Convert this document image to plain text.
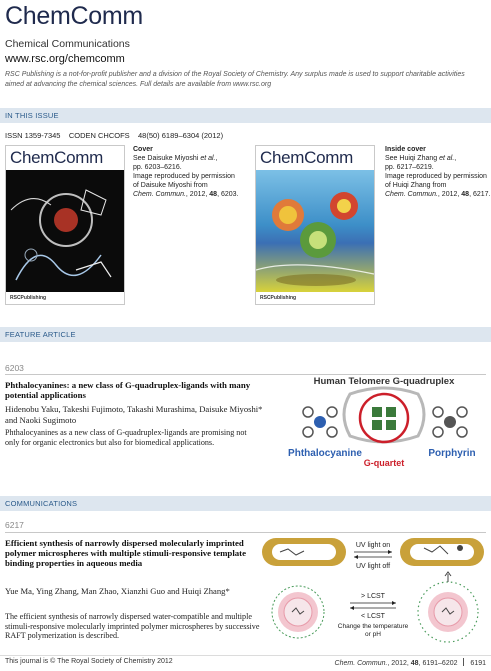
ChemComm
Chemical Communications
www.rsc.org/chemcomm
RSC Publishing is a not-for-profit publisher and a division of the Royal Society of Chemistry. Any surplus made is used to support charitable activities aimed at advancing the chemical sciences. Full details are available from www.rsc.org
IN THIS ISSUE
ISSN 1359-7345 CODEN CHCOFS 48(50) 6189–6304 (2012)
ChemComm
RSCPublishing
Cover
See Daisuke Miyoshi et al.,
pp. 6203–6216.
Image reproduced by permission
of Daisuke Miyoshi from
Chem. Commun., 2012, 48, 6203.
ChemComm
RSCPublishing
Inside cover
See Huiqi Zhang et al.,
pp. 6217–6219.
Image reproduced by permission
of Huiqi Zhang from
Chem. Commun., 2012, 48, 6217.
FEATURE ARTICLE
6203
Phthalocyanines: a new class of G-quadruplex-ligands with many potential applications
Hidenobu Yaku, Takeshi Fujimoto, Takashi Murashima, Daisuke Miyoshi* and Naoki Sugimoto
Phthalocyanines as a new class of G-quadruplex-ligands are promising not only for organic electronics but also for biomedical applications.
Human Telomere G-quadruplex
Phthalocyanine
G-quartet
Porphyrin
COMMUNICATIONS
6217
Efficient synthesis of narrowly dispersed molecularly imprinted polymer microspheres with multiple stimuli-responsive template binding properties in aqueous media
Yue Ma, Ying Zhang, Man Zhao, Xianzhi Guo and Huiqi Zhang*
The efficient synthesis of narrowly dispersed water-compatible and multiple stimuli-responsive molecularly imprinted polymer microspheres by successive RAFT polymerization is described.
UV light on
UV light off
> LCST
< LCST
Change the temperature
or pH
This journal is © The Royal Society of Chemistry 2012	Chem. Commun., 2012, 48, 6191–6202 6191
